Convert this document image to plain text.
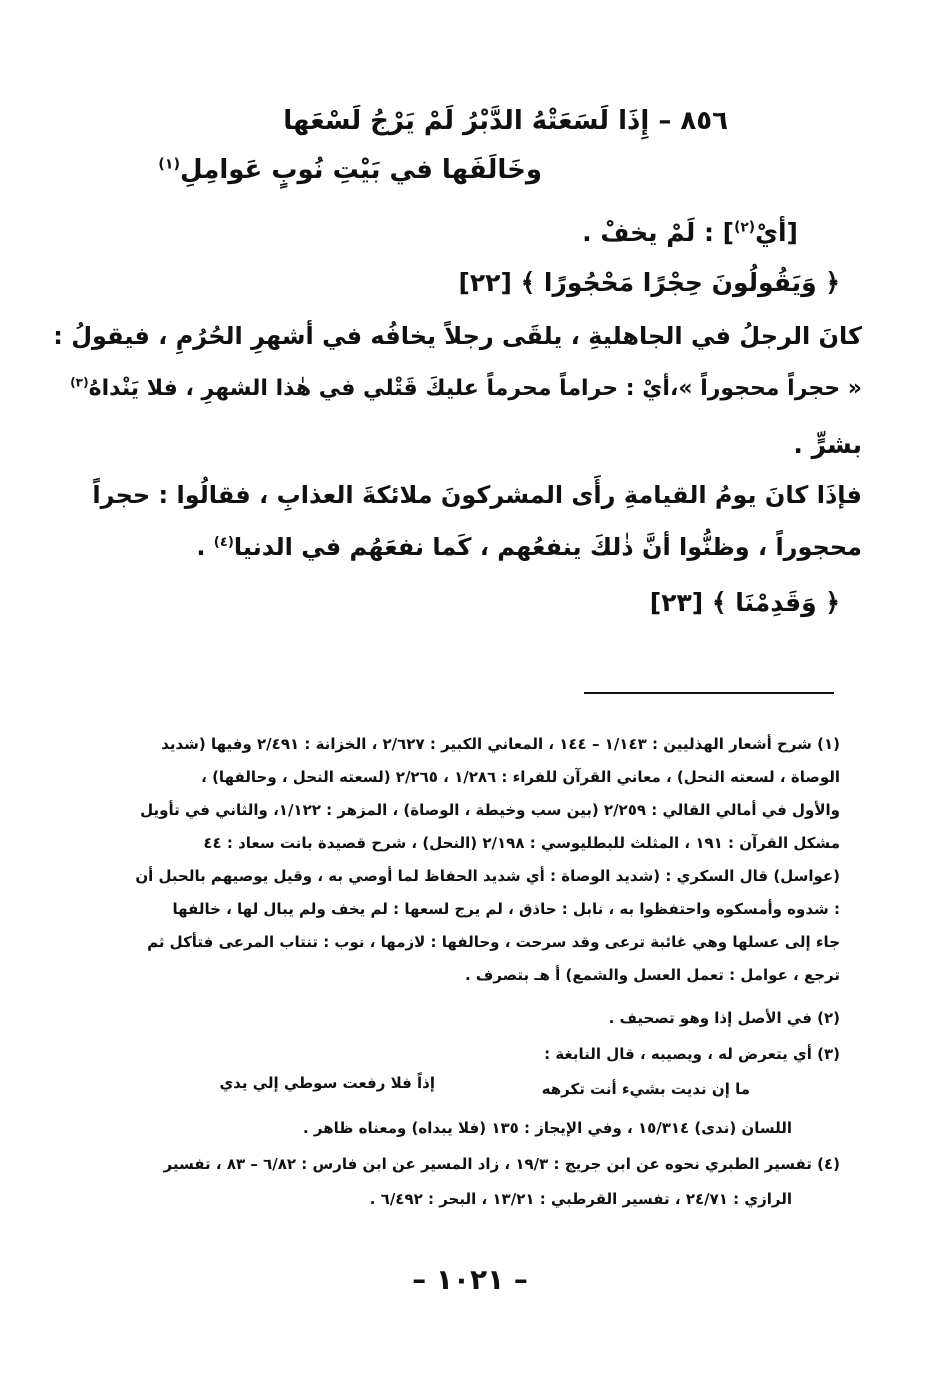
٨٥٦ – إِذَا لَسَعَتْهُ الدَّبْرُ لَمْ يَرْجُ لَسْعَها
وخَالَفَها في بَيْتِ نُوبٍ عَوامِلِ$^{(١)}$
[أيْ$^{(٢)}$] : لَمْ يخفْ .
﴿ وَيَقُولُونَ حِجْرًا مَحْجُورًا ﴾ [٢٢]
كانَ الرجلُ في الجاهليةِ ، يلقَى رجلاً يخافُه في أشهرِ الحُرُمِ ، فيقولُ :
« حجراً محجوراً »،أيْ : حراماً محرماً عليكَ قَتْلي في هٰذا الشهرِ ، فلا يَنْداهُ$^{(٣)}$
بشرٍّ .
فإذَا كانَ يومُ القيامةِ رأَى المشركونَ ملائكةَ العذابِ ، فقالُوا : حجراً
محجوراً ، وظنُّوا أنَّ ذٰلكَ ينفعُهم ، كَما نفعَهُم في الدنيا$^{(٤)}$ .
﴿ وَقَدِمْنَا ﴾ [٢٣]
(١) شرح أشعار الهذليين : ١/١٤٣ – ١٤٤ ، المعاني الكبير : ٢/٦٢٧ ، الخزانة : ٢/٤٩١ وفيها (شديد
الوصاة ، لسعته النحل) ، معاني القرآن للفراء : ١/٢٨٦ ، ٢/٢٦٥ (لسعته النحل ، وحالفها) ،
والأول في أمالي القالي : ٢/٢٥٩ (بين سب وخيطة ، الوصاة) ، المزهر : ١/١٢٢، والثاني في تأويل
مشكل القرآن : ١٩١ ، المثلث للبطليوسي : ٢/١٩٨ (النحل) ، شرح قصيدة بانت سعاد : ٤٤
(عواسل) قال السكري : (شديد الوصاة : أي شديد الحفاظ لما أوصي به ، وقيل يوصيهم بالحبل أن
: شدوه وأمسكوه واحتفظوا به ، نابل : حاذق ، لم يرج لسعها : لم يخف ولم يبال لها ، خالفها
جاء إلى عسلها وهي غائبة ترعى وقد سرحت ، وحالفها : لازمها ، نوب : تنتاب المرعى فتأكل ثم
ترجع ، عوامل : تعمل العسل والشمع) أ هـ بتصرف .
(٢) في الأصل إذا وهو تصحيف .
(٣) أي يتعرض له ، ويصيبه ، قال النابغة :
ما إن نديت بشيء أنت تكرهه
إذاً فلا رفعت سوطي إلي يدي
اللسان (ندى) ١٥/٣١٤ ، وفي الإيجاز : ١٣٥ (فلا يبداه) ومعناه ظاهر .
(٤) تفسير الطبري نحوه عن ابن جريج : ١٩/٣ ، زاد المسير عن ابن فارس : ٦/٨٢ – ٨٣ ، تفسير
الرازي : ٢٤/٧١ ، تفسير القرطبي : ١٣/٢١ ، البحر : ٦/٤٩٢ .
– ١٠٢١ –
